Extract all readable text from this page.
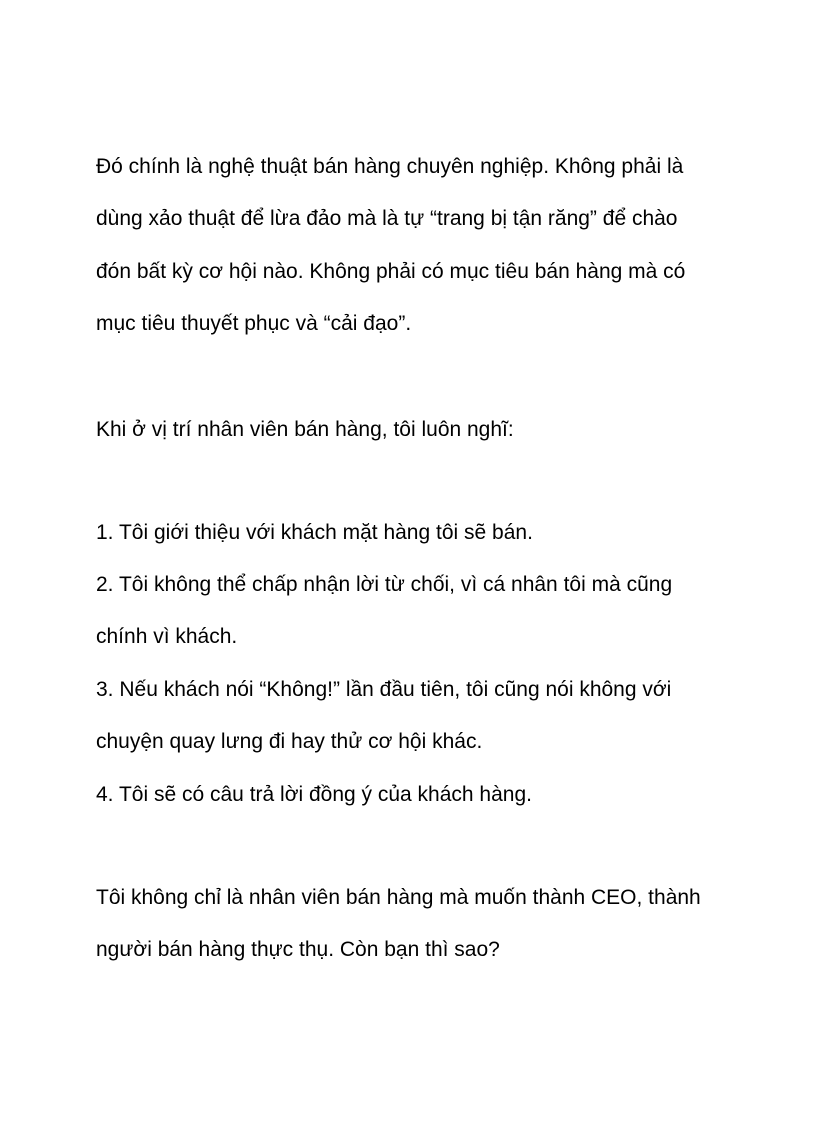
Đó chính là nghệ thuật bán hàng chuyên nghiệp. Không phải là

dùng xảo thuật để lừa đảo mà là tự “trang bị tận răng” để chào

đón bất kỳ cơ hội nào. Không phải có mục tiêu bán hàng mà có

mục tiêu thuyết phục và “cải đạo”.

Khi ở vị trí nhân viên bán hàng, tôi luôn nghĩ:

1. Tôi giới thiệu với khách mặt hàng tôi sẽ bán.

2. Tôi không thể chấp nhận lời từ chối, vì cá nhân tôi mà cũng

chính vì khách.

3. Nếu khách nói “Không!” lần đầu tiên, tôi cũng nói không với

chuyện quay lưng đi hay thử cơ hội khác.

4. Tôi sẽ có câu trả lời đồng ý của khách hàng.

Tôi không chỉ là nhân viên bán hàng mà muốn thành CEO, thành

người bán hàng thực thụ. Còn bạn thì sao?
